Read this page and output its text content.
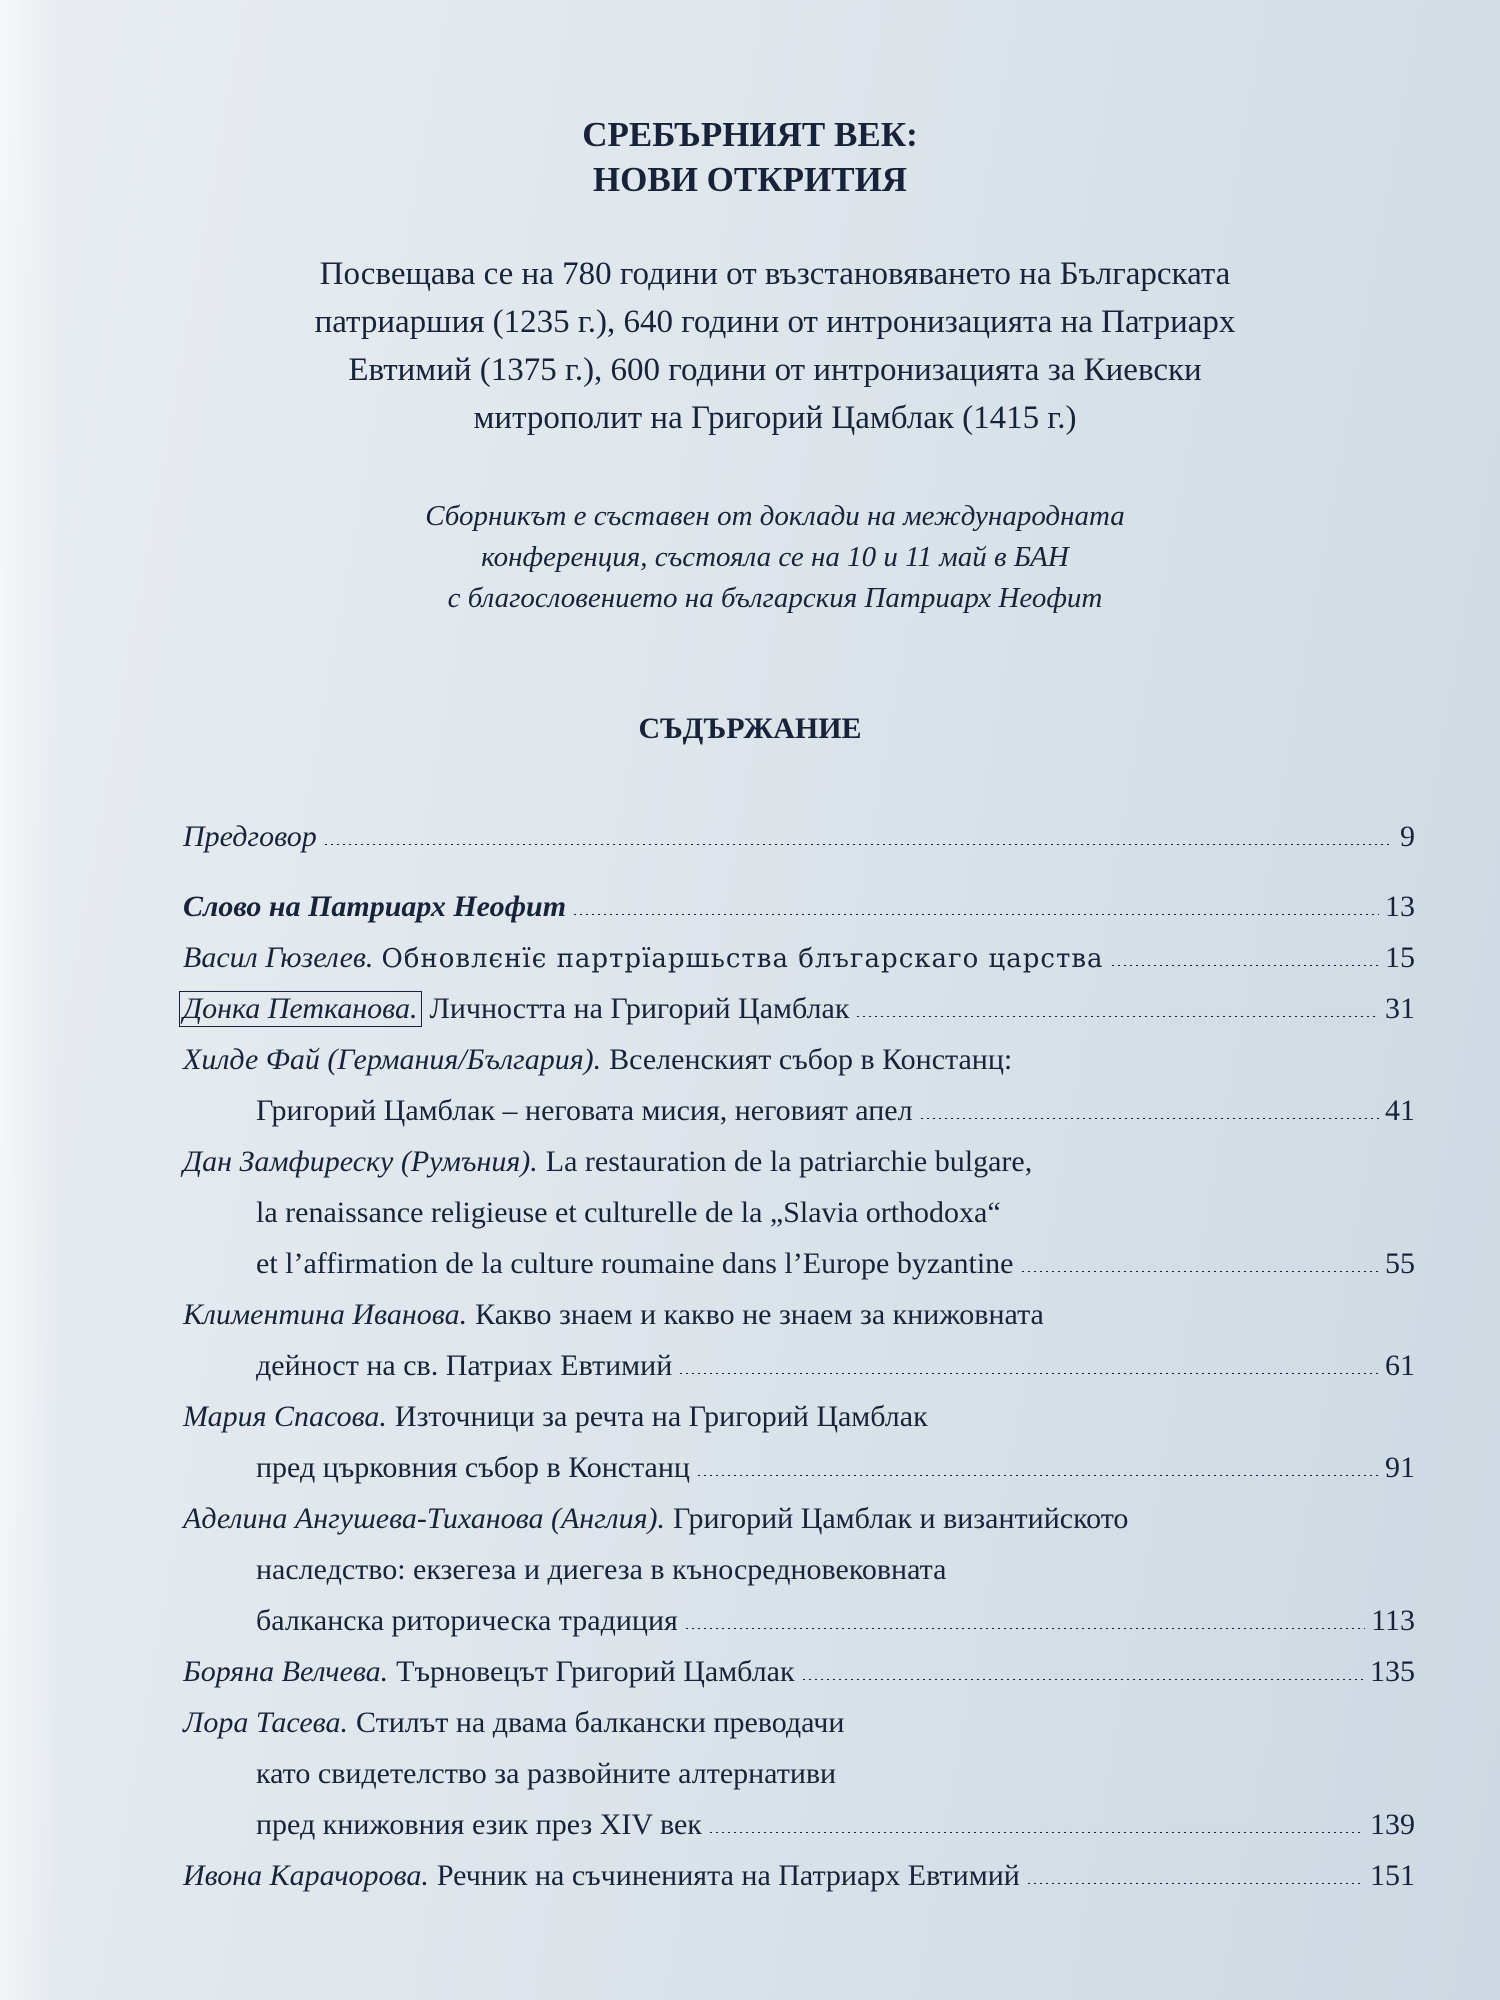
СРЕБЪРНИЯТ ВЕК:
НОВИ ОТКРИТИЯ
Посвещава се на 780 години от възстановяването на Българската
патриаршия (1235 г.), 640 години от интронизацията на Патриарх
Евтимий (1375 г.), 600 години от интронизацията за Киевски
митрополит на Григорий Цамблак (1415 г.)
Сборникът е съставен от доклади на международната
конференция, състояла се на 10 и 11 май в БАН
с благословението на българския Патриарх Неофит
СЪДЪРЖАНИЕ
Предговор	9
Слово на Патриарх Неофит	13
Васил Гюзелев. Обновлєнїє партрїаршьства блъгарскаго царства	15
Донка Петканова. Личността на Григорий Цамблак	31
Хилде Фай (Германия/България). Вселенският събор в Констанц:
Григорий Цамблак – неговата мисия, неговият апел	41
Дан Замфиреску (Румъния). La restauration de la patriarchie bulgare,
la renaissance religieuse et culturelle de la „Slavia orthodoxa“
et l’affirmation de la culture roumaine dans l’Europe byzantine	55
Климентина Иванова. Какво знаем и какво не знаем за книжовната
дейност на св. Патриах Евтимий	61
Мария Спасова. Източници за речта на Григорий Цамблак
пред църковния събор в Констанц	91
Аделина Ангушева-Тиханова (Англия). Григорий Цамблак и византийското
наследство: екзегеза и диегеза в къносредновековната
балканска риторическа традиция	113
Боряна Велчева. Търновецът Григорий Цамблак	135
Лора Тасева. Стилът на двама балкански преводачи
като свидетелство за развойните алтернативи
пред книжовния език през XIV век	139
Ивона Карачорова. Речник на съчиненията на Патриарх Евтимий	151
